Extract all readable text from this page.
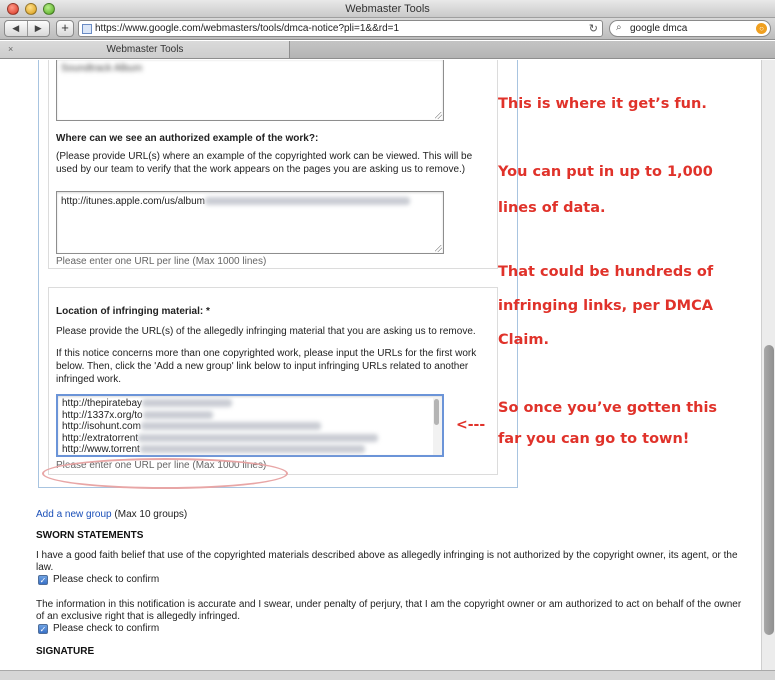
Webmaster Tools
◀	▶	+	https://www.google.com/webmasters/tools/dmca-notice?pli=1&&rd=1	↻ ⌕ google dmca	○
×	Webmaster Tools
Soundtrack Album
Where can we see an authorized example of the work?:
(Please provide URL(s) where an example of the copyrighted work can be viewed. This will be used by our team to verify that the work appears on the pages you are asking us to remove.)
http://itunes.apple.com/us/album
Please enter one URL per line (Max 1000 lines)
Location of infringing material: *
Please provide the URL(s) of the allegedly infringing material that you are asking us to remove.
If this notice concerns more than one copyrighted work, please input the URLs for the first work below. Then, click the 'Add a new group' link below to input infringing URLs related to another infringed work.
http://thepiratebay
http://1337x.org/to
http://isohunt.com
http://extratorrent
http://www.torrent
Please enter one URL per line (Max 1000 lines)
Add a new group (Max 10 groups)
SWORN STATEMENTS
I have a good faith belief that use of the copyrighted materials described above as allegedly infringing is not authorized by the copyright owner, its agent, or the law.
✓ Please check to confirm
The information in this notification is accurate and I swear, under penalty of perjury, that I am the copyright owner or am authorized to act on behalf of the owner of an exclusive right that is allegedly infringed.
✓ Please check to confirm
SIGNATURE
This is where it get’s fun.
You can put in up to 1,000
lines of data.
That could be hundreds of
infringing links, per DMCA
Claim.
So once you’ve gotten this
far you can go to town!
<---
